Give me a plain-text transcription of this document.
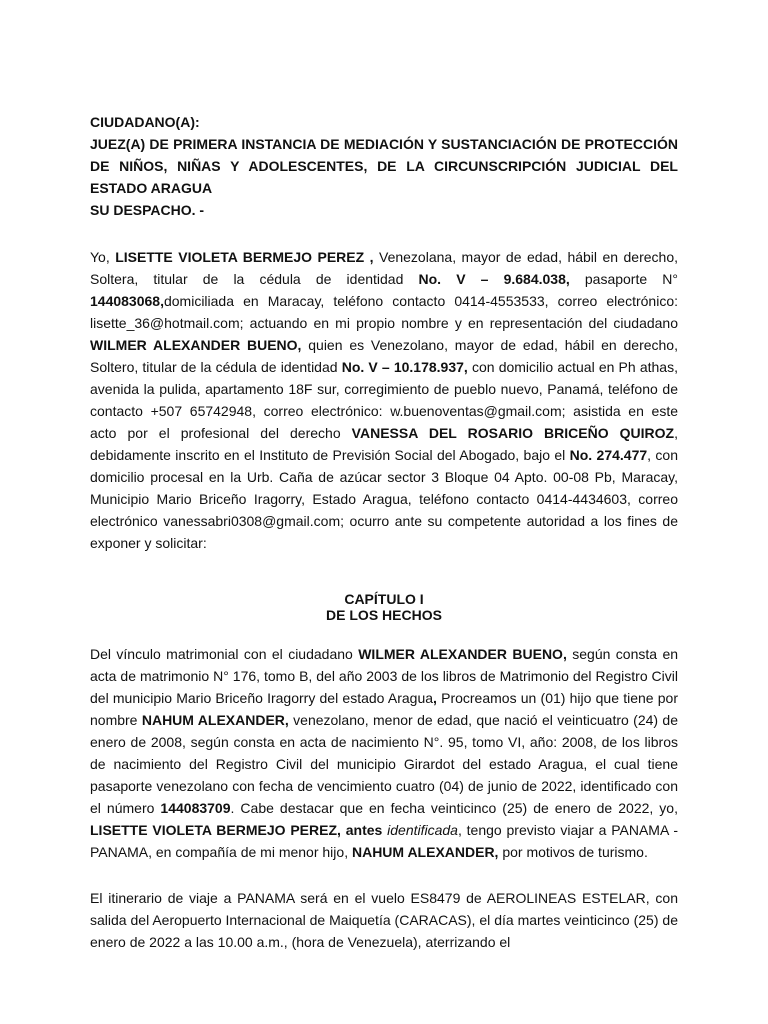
CIUDADANO(A):
JUEZ(A) DE PRIMERA INSTANCIA DE MEDIACIÓN Y SUSTANCIACIÓN DE PROTECCIÓN DE NIÑOS, NIÑAS Y ADOLESCENTES, DE LA CIRCUNSCRIPCIÓN JUDICIAL DEL ESTADO ARAGUA
SU DESPACHO. -

Yo, LISETTE VIOLETA BERMEJO PEREZ , Venezolana, mayor de edad, hábil en derecho, Soltera, titular de la cédula de identidad No. V – 9.684.038, pasaporte N° 144083068,domiciliada en Maracay, teléfono contacto 0414-4553533, correo electrónico: lisette_36@hotmail.com; actuando en mi propio nombre y en representación del ciudadano WILMER ALEXANDER BUENO, quien es Venezolano, mayor de edad, hábil en derecho, Soltero, titular de la cédula de identidad No. V – 10.178.937, con domicilio actual en Ph athas, avenida la pulida, apartamento 18F sur, corregimiento de pueblo nuevo, Panamá, teléfono de contacto +507 65742948, correo electrónico: w.buenoventas@gmail.com; asistida en este acto por el profesional del derecho VANESSA DEL ROSARIO BRICEÑO QUIROZ, debidamente inscrito en el Instituto de Previsión Social del Abogado, bajo el No. 274.477, con domicilio procesal en la Urb. Caña de azúcar sector 3 Bloque 04 Apto. 00-08 Pb, Maracay, Municipio Mario Briceño Iragorry, Estado Aragua, teléfono contacto 0414-4434603, correo electrónico vanessabri0308@gmail.com; ocurro ante su competente autoridad a los fines de exponer y solicitar:

CAPÍTULO I
DE LOS HECHOS

Del vínculo matrimonial con el ciudadano WILMER ALEXANDER BUENO, según consta en acta de matrimonio N° 176, tomo B, del año 2003 de los libros de Matrimonio del Registro Civil del municipio Mario Briceño Iragorry del estado Aragua, Procreamos un (01) hijo que tiene por nombre NAHUM ALEXANDER, venezolano, menor de edad, que nació el veinticuatro (24) de enero de 2008, según consta en acta de nacimiento N°. 95, tomo VI, año: 2008, de los libros de nacimiento del Registro Civil del municipio Girardot del estado Aragua, el cual tiene pasaporte venezolano con fecha de vencimiento cuatro (04) de junio de 2022, identificado con el número 144083709. Cabe destacar que en fecha veinticinco (25) de enero de 2022, yo, LISETTE VIOLETA BERMEJO PEREZ, antes identificada, tengo previsto viajar a PANAMA - PANAMA, en compañía de mi menor hijo, NAHUM ALEXANDER, por motivos de turismo.

El itinerario de viaje a PANAMA será en el vuelo ES8479 de AEROLINEAS ESTELAR, con salida del Aeropuerto Internacional de Maiquetía (CARACAS), el día martes veinticinco (25) de enero de 2022 a las 10.00 a.m., (hora de Venezuela), aterrizando el
